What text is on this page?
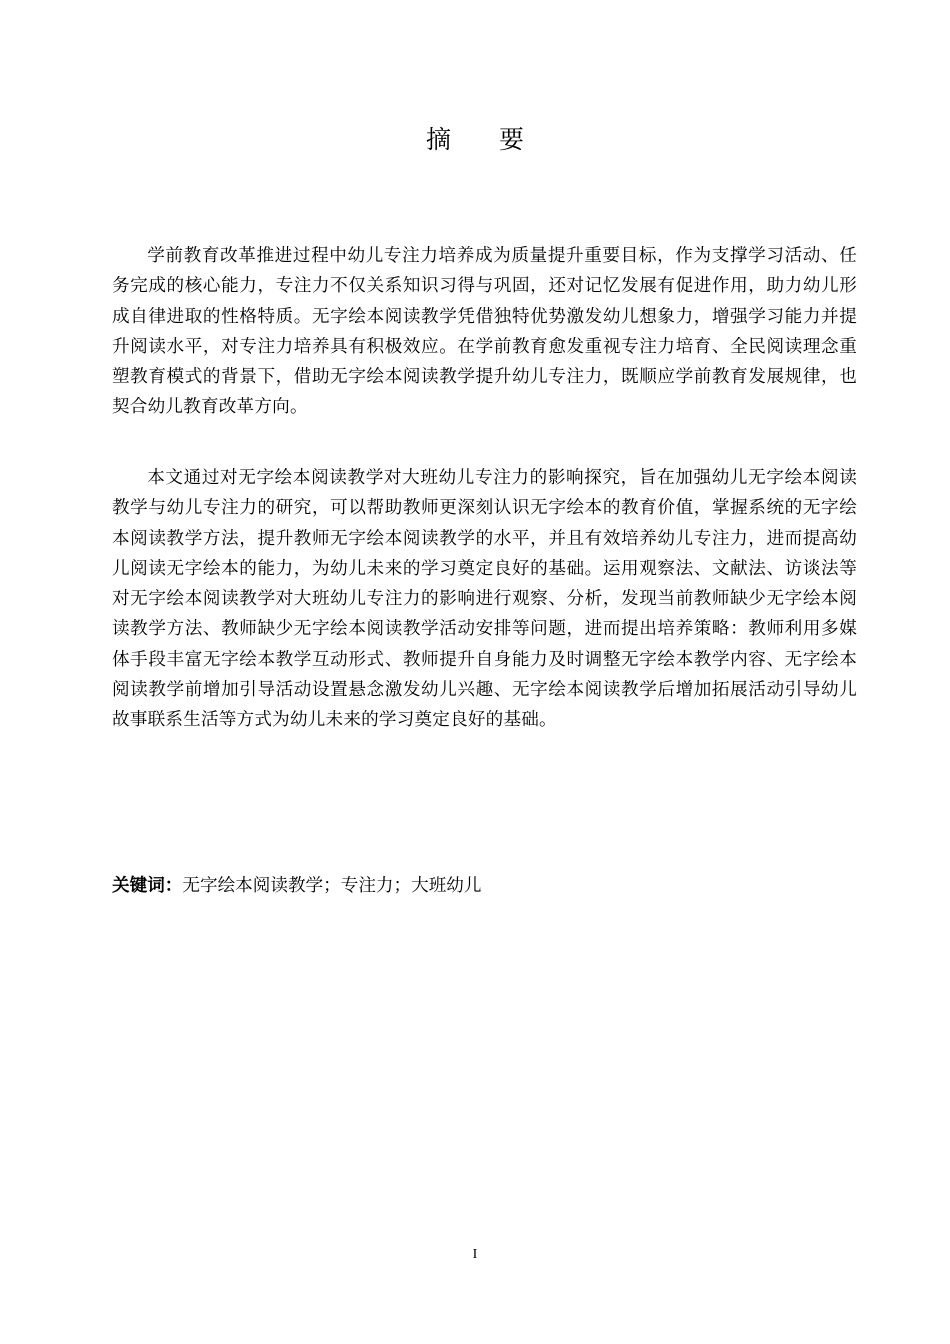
摘 要

学前教育改革推进过程中幼儿专注力培养成为质量提升重要目标，作为支撑学习活动、任务完成的核心能力，专注力不仅关系知识习得与巩固，还对记忆发展有促进作用，助力幼儿形成自律进取的性格特质。无字绘本阅读教学凭借独特优势激发幼儿想象力，增强学习能力并提升阅读水平，对专注力培养具有积极效应。在学前教育愈发重视专注力培育、全民阅读理念重塑教育模式的背景下，借助无字绘本阅读教学提升幼儿专注力，既顺应学前教育发展规律，也契合幼儿教育改革方向。

本文通过对无字绘本阅读教学对大班幼儿专注力的影响探究，旨在加强幼儿无字绘本阅读教学与幼儿专注力的研究，可以帮助教师更深刻认识无字绘本的教育价值，掌握系统的无字绘本阅读教学方法，提升教师无字绘本阅读教学的水平，并且有效培养幼儿专注力，进而提高幼儿阅读无字绘本的能力，为幼儿未来的学习奠定良好的基础。运用观察法、文献法、访谈法等对无字绘本阅读教学对大班幼儿专注力的影响进行观察、分析，发现当前教师缺少无字绘本阅读教学方法、教师缺少无字绘本阅读教学活动安排等问题，进而提出培养策略：教师利用多媒体手段丰富无字绘本教学互动形式、教师提升自身能力及时调整无字绘本教学内容、无字绘本阅读教学前增加引导活动设置悬念激发幼儿兴趣、无字绘本阅读教学后增加拓展活动引导幼儿故事联系生活等方式为幼儿未来的学习奠定良好的基础。

关键词：无字绘本阅读教学；专注力；大班幼儿
I
